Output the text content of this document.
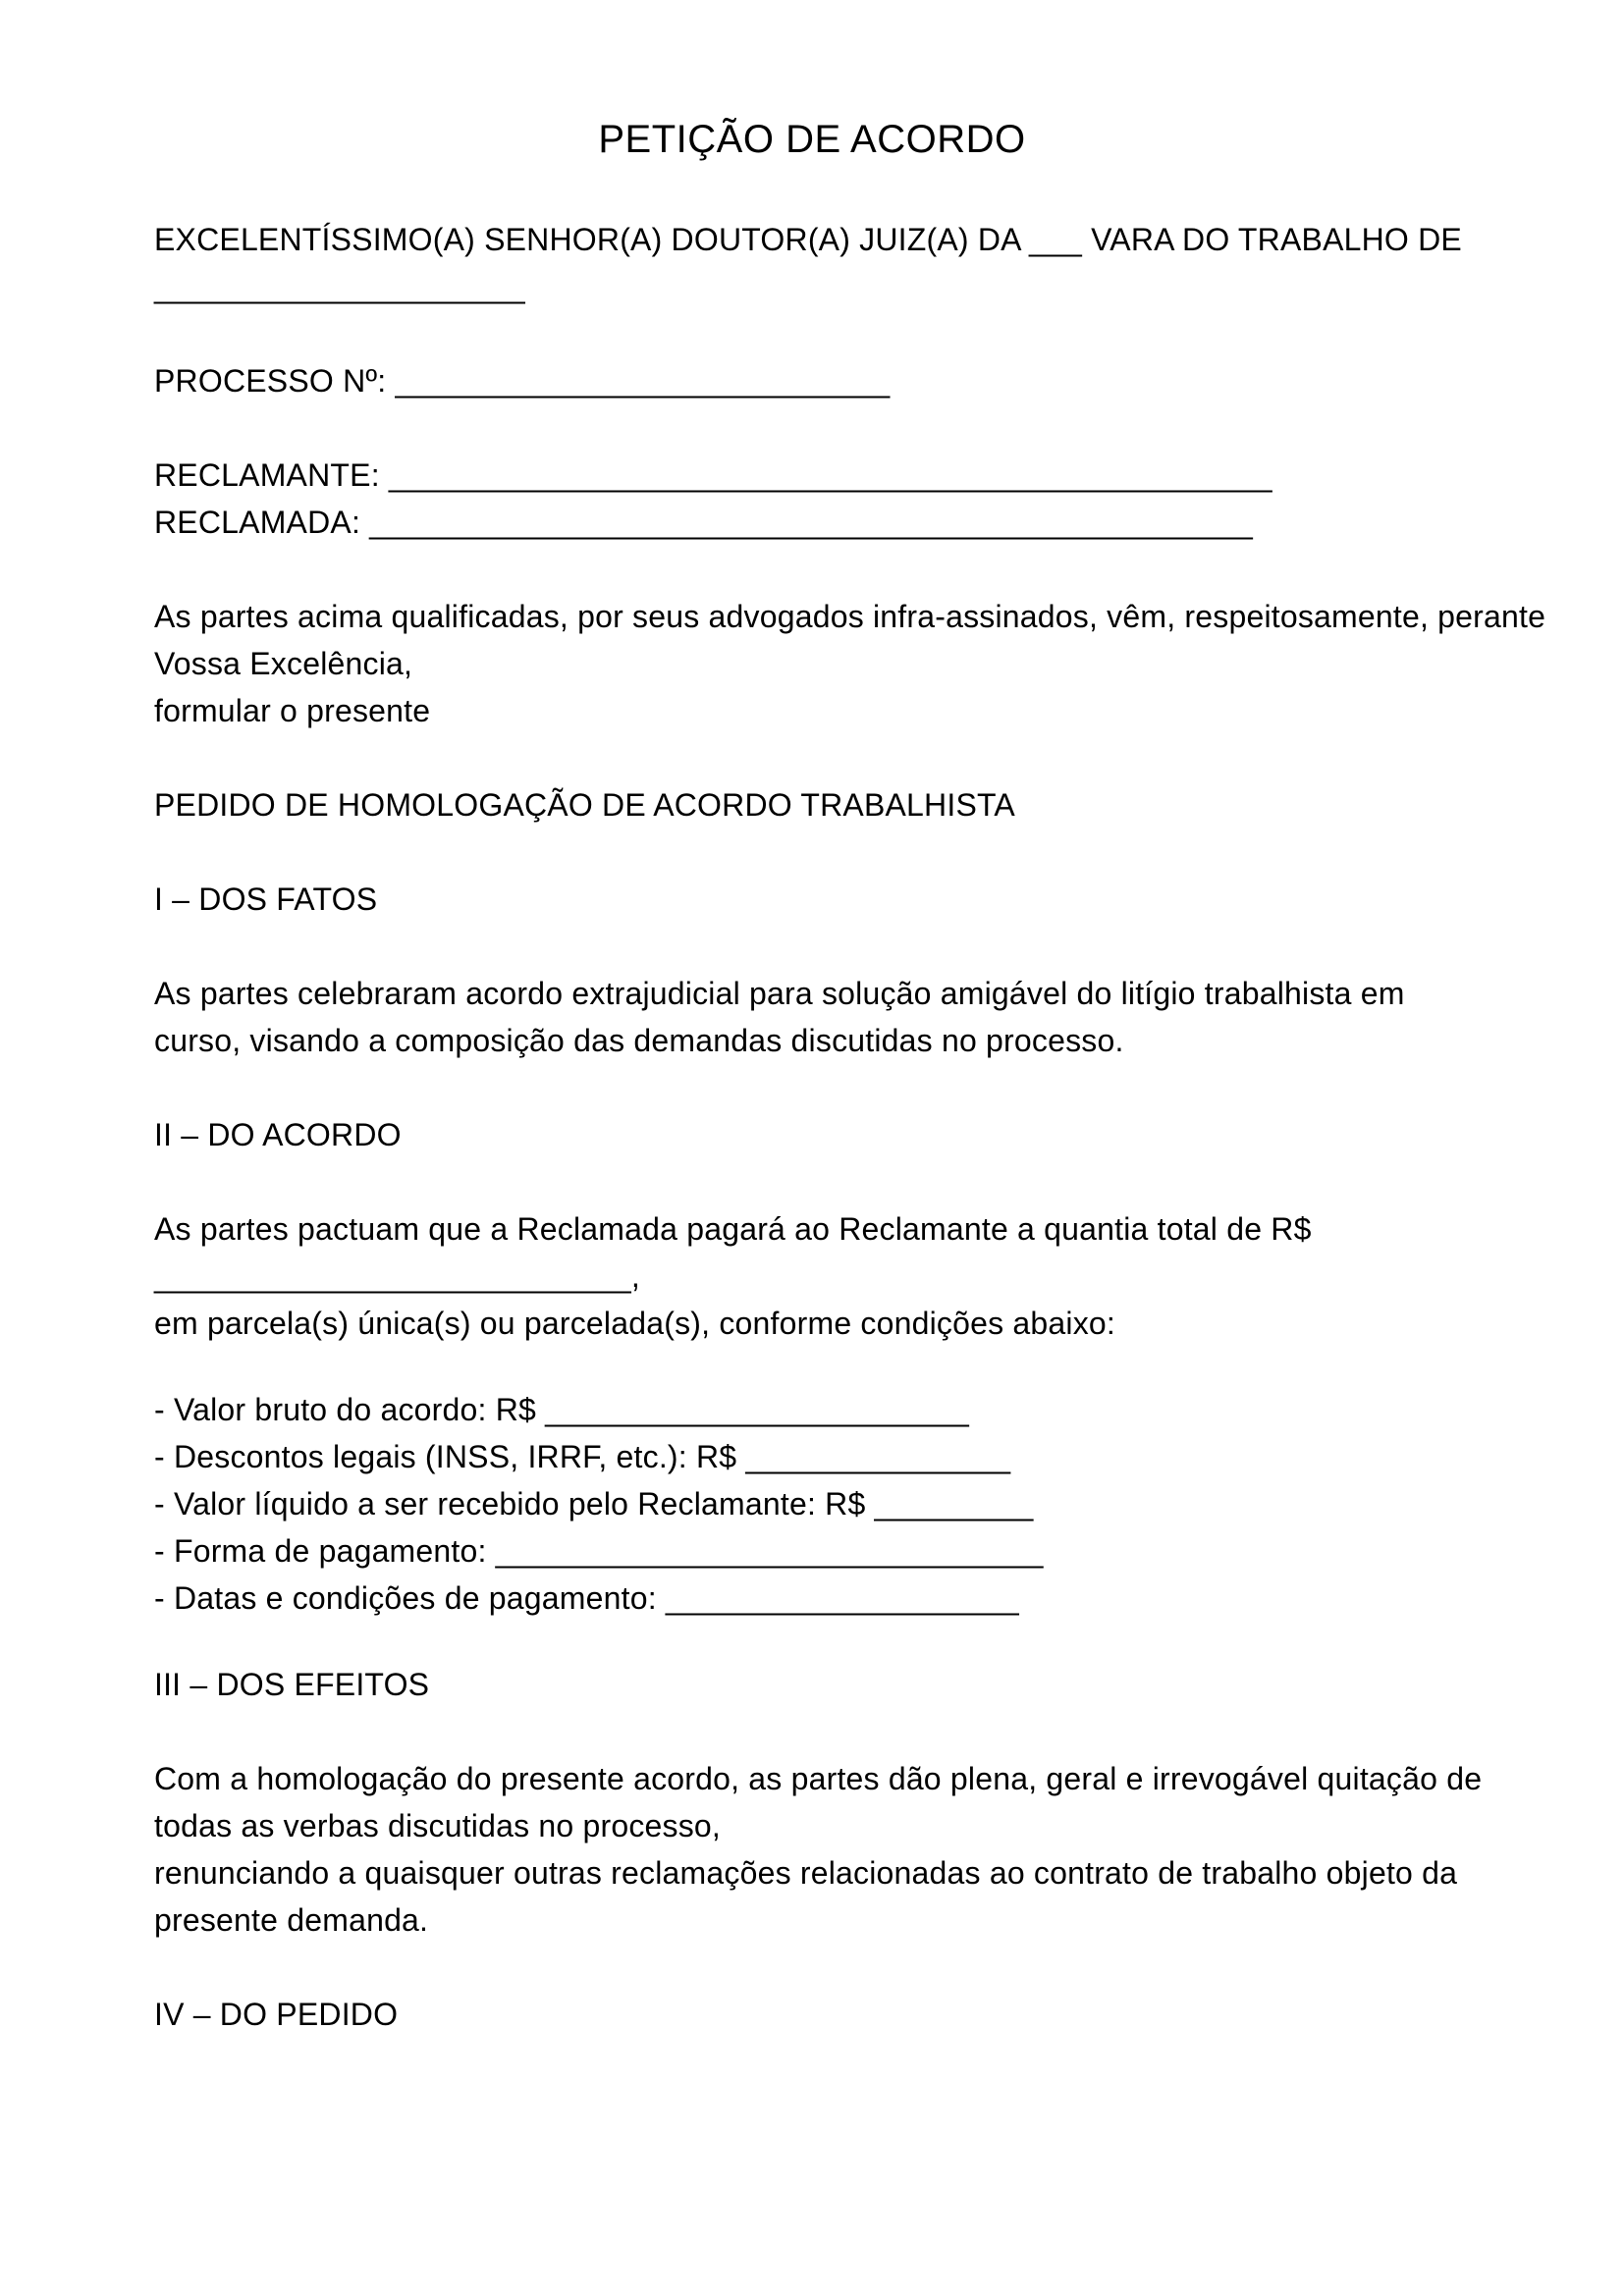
PETIÇÃO DE ACORDO
EXCELENTÍSSIMO(A) SENHOR(A) DOUTOR(A) JUIZ(A) DA ___ VARA DO TRABALHO DE
_____________________
PROCESSO Nº: ____________________________
RECLAMANTE: __________________________________________________
RECLAMADA: __________________________________________________
As partes acima qualificadas, por seus advogados infra-assinados, vêm, respeitosamente, perante
Vossa Excelência,
formular o presente
PEDIDO DE HOMOLOGAÇÃO DE ACORDO TRABALHISTA
I – DOS FATOS
As partes celebraram acordo extrajudicial para solução amigável do litígio trabalhista em
curso, visando a composição das demandas discutidas no processo.
II – DO ACORDO
As partes pactuam que a Reclamada pagará ao Reclamante a quantia total de R$
___________________________,
em parcela(s) única(s) ou parcelada(s), conforme condições abaixo:
- Valor bruto do acordo: R$ ________________________
- Descontos legais (INSS, IRRF, etc.): R$ _______________
- Valor líquido a ser recebido pelo Reclamante: R$ _________
- Forma de pagamento: _______________________________
- Datas e condições de pagamento: ____________________
III – DOS EFEITOS
Com a homologação do presente acordo, as partes dão plena, geral e irrevogável quitação de
todas as verbas discutidas no processo,
renunciando a quaisquer outras reclamações relacionadas ao contrato de trabalho objeto da
presente demanda.
IV – DO PEDIDO
